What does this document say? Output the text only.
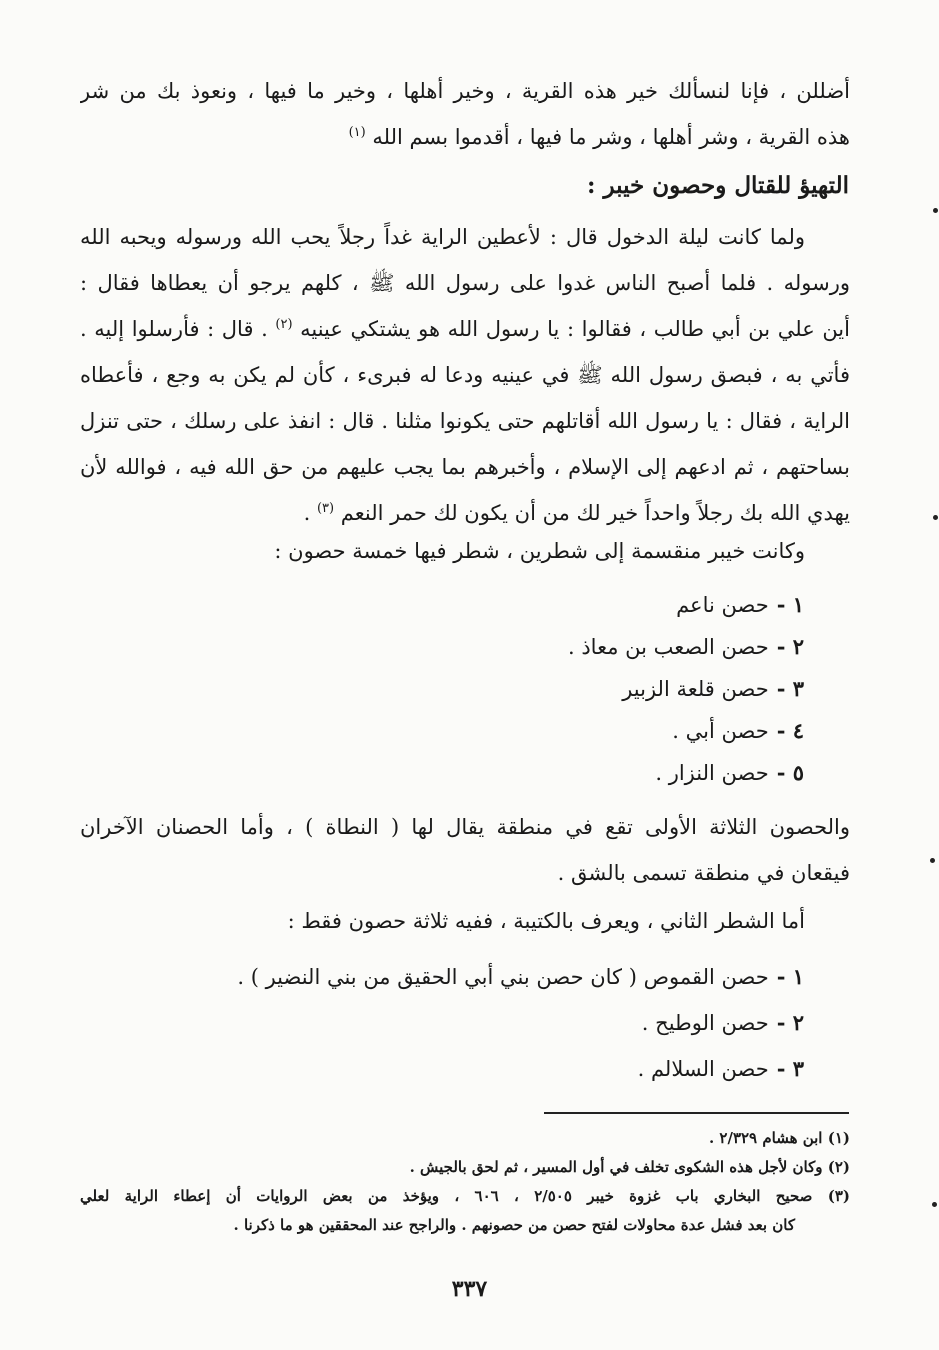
أضللن ، فإنا لنسألك خير هذه القرية ، وخير أهلها ، وخير ما فيها ، ونعوذ بك من شر
هذه القرية ، وشر أهلها ، وشر ما فيها ، أقدموا بسم الله $^{(١)}$
التهيؤ للقتال وحصون خيبر :
ولما كانت ليلة الدخول قال : لأعطين الراية غداً رجلاً يحب الله ورسوله ويحبه الله
ورسوله . فلما أصبح الناس غدوا على رسول الله ﷺ ، كلهم يرجو أن يعطاها فقال :
أين علي بن أبي طالب ، فقالوا : يا رسول الله هو يشتكي عينيه $^{(٢)}$ . قال : فأرسلوا إليه .
فأتي به ، فبصق رسول الله ﷺ في عينيه ودعا له فبرىء ، كأن لم يكن به وجع ، فأعطاه
الراية ، فقال : يا رسول الله أقاتلهم حتى يكونوا مثلنا . قال : انفذ على رسلك ، حتى تنزل
بساحتهم ، ثم ادعهم إلى الإسلام ، وأخبرهم بما يجب عليهم من حق الله فيه ، فوالله لأن
يهدي الله بك رجلاً واحداً خير لك من أن يكون لك حمر النعم $^{(٣)}$ .
وكانت خيبر منقسمة إلى شطرين ، شطر فيها خمسة حصون :
١ -حصن ناعم
٢ -حصن الصعب بن معاذ .
٣ -حصن قلعة الزبير
٤ -حصن أبي .
٥ -حصن النزار .
والحصون الثلاثة الأولى تقع في منطقة يقال لها ( النطاة ) ، وأما الحصنان الآخران
فيقعان في منطقة تسمى بالشق .
أما الشطر الثاني ، ويعرف بالكتيبة ، ففيه ثلاثة حصون فقط :
١ -حصن القموص ( كان حصن بني أبي الحقيق من بني النضير ) .
٢ -حصن الوطيح .
٣ -حصن السلالم .
(١) ابن هشام ٢/٣٢٩ .
(٢) وكان لأجل هذه الشكوى تخلف في أول المسير ، ثم لحق بالجيش .
(٣) صحيح البخاري باب غزوة خيبر ٢/٥٠٥ ، ٦٠٦ ، ويؤخذ من بعض الروايات أن إعطاء الراية لعلي
كان بعد فشل عدة محاولات لفتح حصن من حصونهم . والراجح عند المحققين هو ما ذكرنا .
٣٣٧
